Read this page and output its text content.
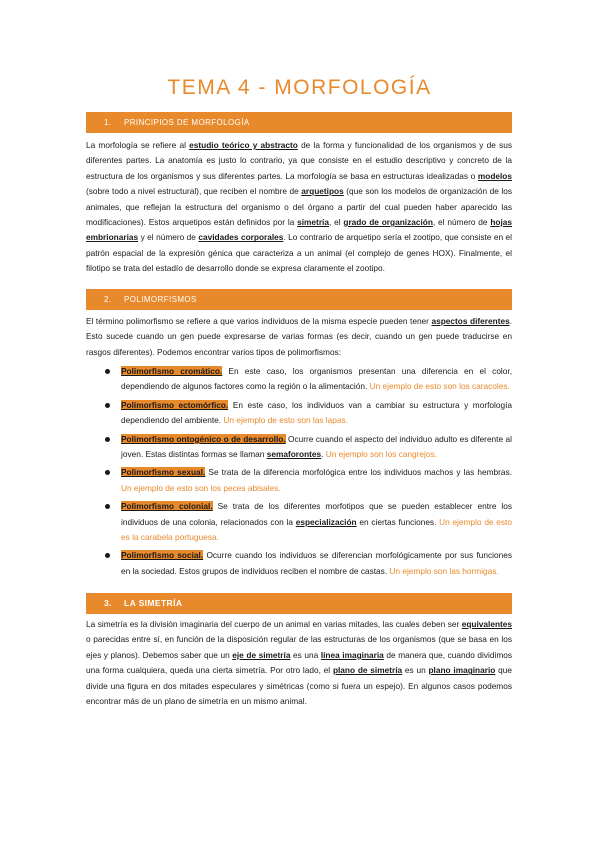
TEMA 4 - MORFOLOGÍA
1. PRINCIPIOS DE MORFOLOGÍA

La morfología se refiere al estudio teórico y abstracto de la forma y funcionalidad de los organismos y de sus diferentes partes. La anatomía es justo lo contrario, ya que consiste en el estudio descriptivo y concreto de la estructura de los organismos y sus diferentes partes. La morfología se basa en estructuras idealizadas o modelos (sobre todo a nivel estructural), que reciben el nombre de arquetipos (que son los modelos de organización de los animales, que reflejan la estructura del organismo o del órgano a partir del cual pueden haber aparecido las modificaciones). Estos arquetipos están definidos por la simetría, el grado de organización, el número de hojas embrionarias y el número de cavidades corporales. Lo contrario de arquetipo sería el zootipo, que consiste en el patrón espacial de la expresión génica que caracteriza a un animal (el complejo de genes HOX). Finalmente, el filotipo se trata del estadío de desarrollo donde se expresa claramente el zootipo.

2. POLIMORFISMOS

El término polimorfismo se refiere a que varios individuos de la misma especie pueden tener aspectos diferentes. Esto sucede cuando un gen puede expresarse de varias formas (es decir, cuando un gen puede traducirse en rasgos diferentes). Podemos encontrar varios tipos de polimorfismos:

Polimorfismo cromático. En este caso, los organismos presentan una diferencia en el color, dependiendo de algunos factores como la región o la alimentación. Un ejemplo de esto son los caracoles.
Polimorfismo ectomórfico. En este caso, los individuos van a cambiar su estructura y morfología dependiendo del ambiente. Un ejemplo de esto son las lapas.
Polimorfismo ontogénico o de desarrollo. Ocurre cuando el aspecto del individuo adulto es diferente al joven. Estas distintas formas se llaman semaforontes. Un ejemplo son los cangrejos.
Polimorfismo sexual. Se trata de la diferencia morfológica entre los individuos machos y las hembras. Un ejemplo de esto son los peces abisales.
Polimorfismo colonial. Se trata de los diferentes morfotipos que se pueden establecer entre los individuos de una colonia, relacionados con la especialización en ciertas funciones. Un ejemplo de esto es la carabela portuguesa.
Polimorfismo social. Ocurre cuando los individuos se diferencian morfológicamente por sus funciones en la sociedad. Estos grupos de individuos reciben el nombre de castas. Un ejemplo son las hormigas.
3. LA SIMETRÍA

La simetría es la división imaginaria del cuerpo de un animal en varias mitades, las cuales deben ser equivalentes o parecidas entre sí, en función de la disposición regular de las estructuras de los organismos (que se basa en los ejes y planos). Debemos saber que un eje de simetría es una línea imaginaria de manera que, cuando dividimos una forma cualquiera, queda una cierta simetría. Por otro lado, el plano de simetría es un plano imaginario que divide una figura en dos mitades especulares y simétricas (como si fuera un espejo). En algunos casos podemos encontrar más de un plano de simetría en un mismo animal.
